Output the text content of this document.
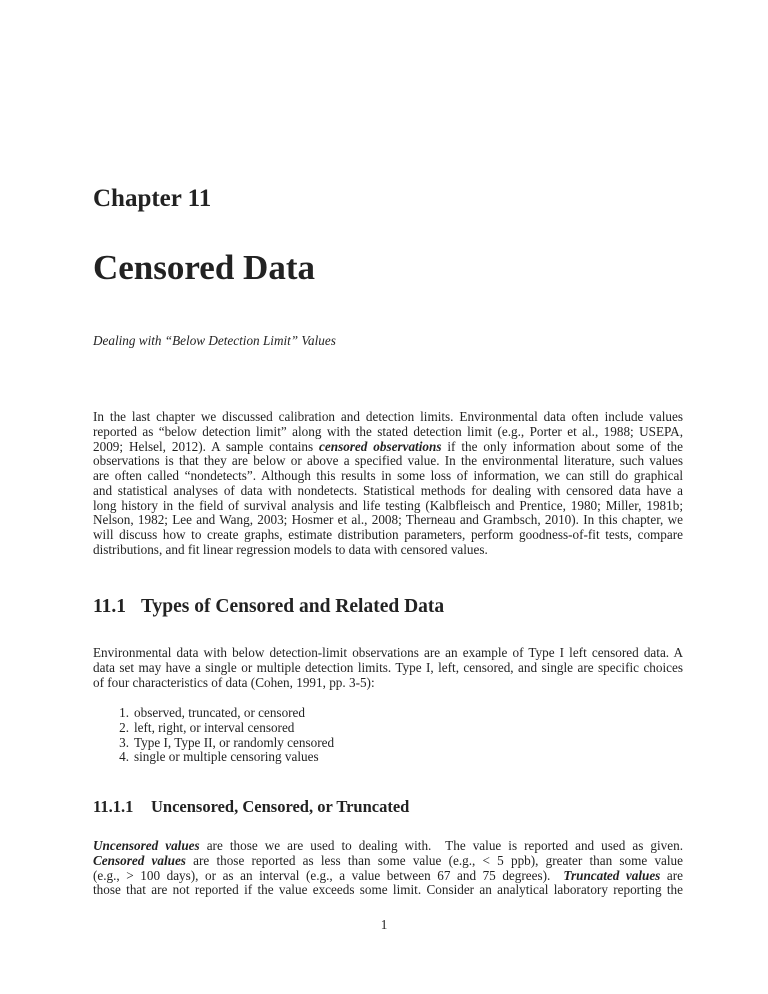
Chapter 11
Censored Data
Dealing with “Below Detection Limit” Values
In the last chapter we discussed calibration and detection limits. Environmental data often include values
reported as “below detection limit” along with the stated detection limit (e.g., Porter et al., 1988; USEPA,
2009; Helsel, 2012). A sample contains censored observations if the only information about some of the
observations is that they are below or above a specified value. In the environmental literature, such values
are often called “nondetects”. Although this results in some loss of information, we can still do graphical
and statistical analyses of data with nondetects. Statistical methods for dealing with censored data have a
long history in the field of survival analysis and life testing (Kalbfleisch and Prentice, 1980; Miller, 1981b;
Nelson, 1982; Lee and Wang, 2003; Hosmer et al., 2008; Therneau and Grambsch, 2010). In this chapter, we
will discuss how to create graphs, estimate distribution parameters, perform goodness-of-fit tests, compare
distributions, and fit linear regression models to data with censored values.
11.1 Types of Censored and Related Data
Environmental data with below detection-limit observations are an example of Type I left censored data. A
data set may have a single or multiple detection limits. Type I, left, censored, and single are specific choices
of four characteristics of data (Cohen, 1991, pp. 3-5):
1. observed, truncated, or censored
2. left, right, or interval censored
3. Type I, Type II, or randomly censored
4. single or multiple censoring values
11.1.1 Uncensored, Censored, or Truncated
Uncensored values are those we are used to dealing with.  The value is reported and used as given.
Censored values are those reported as less than some value (e.g., < 5 ppb), greater than some value
(e.g., > 100 days), or as an interval (e.g., a value between 67 and 75 degrees).  Truncated values are
those that are not reported if the value exceeds some limit. Consider an analytical laboratory reporting the
1
